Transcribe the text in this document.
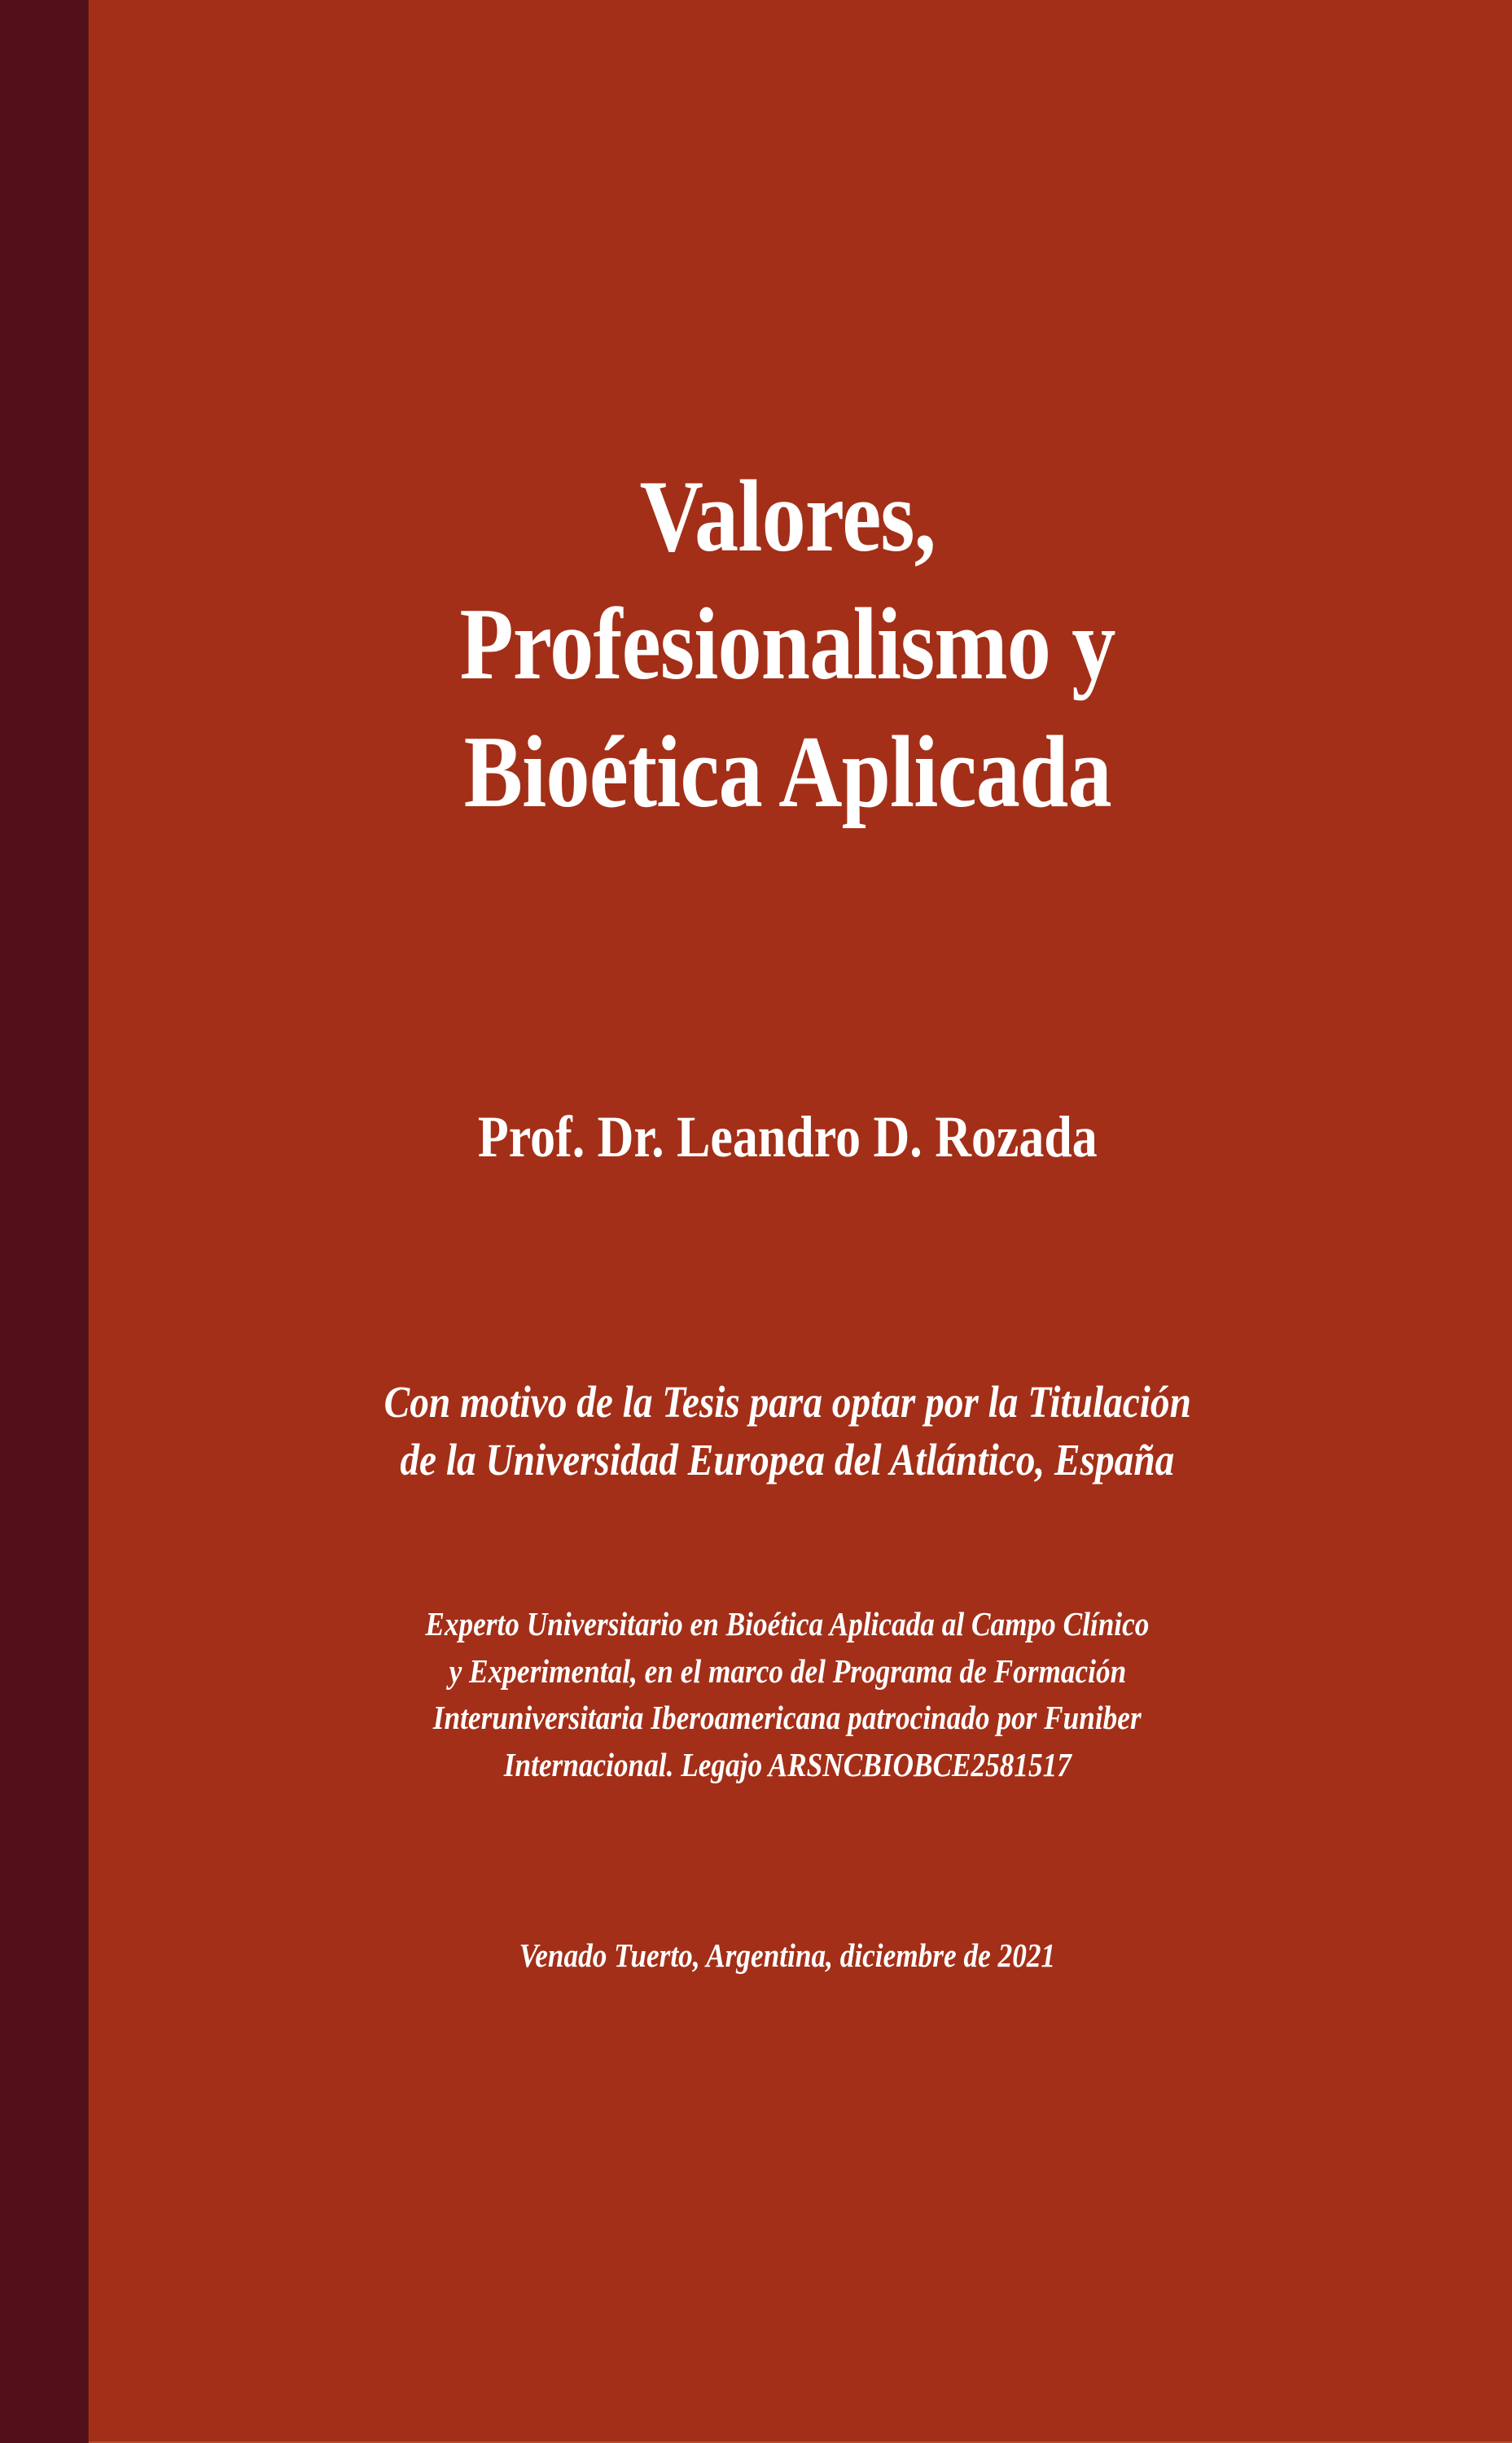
Valores,
Profesionalismo y
Bioética Aplicada
Prof. Dr. Leandro D. Rozada
Con motivo de la Tesis para optar por la Titulación
de la Universidad Europea del Atlántico, España
Experto Universitario en Bioética Aplicada al Campo Clínico
y Experimental, en el marco del Programa de Formación
Interuniversitaria Iberoamericana patrocinado por Funiber
Internacional. Legajo ARSNCBIOBCE2581517
Venado Tuerto, Argentina, diciembre de 2021
